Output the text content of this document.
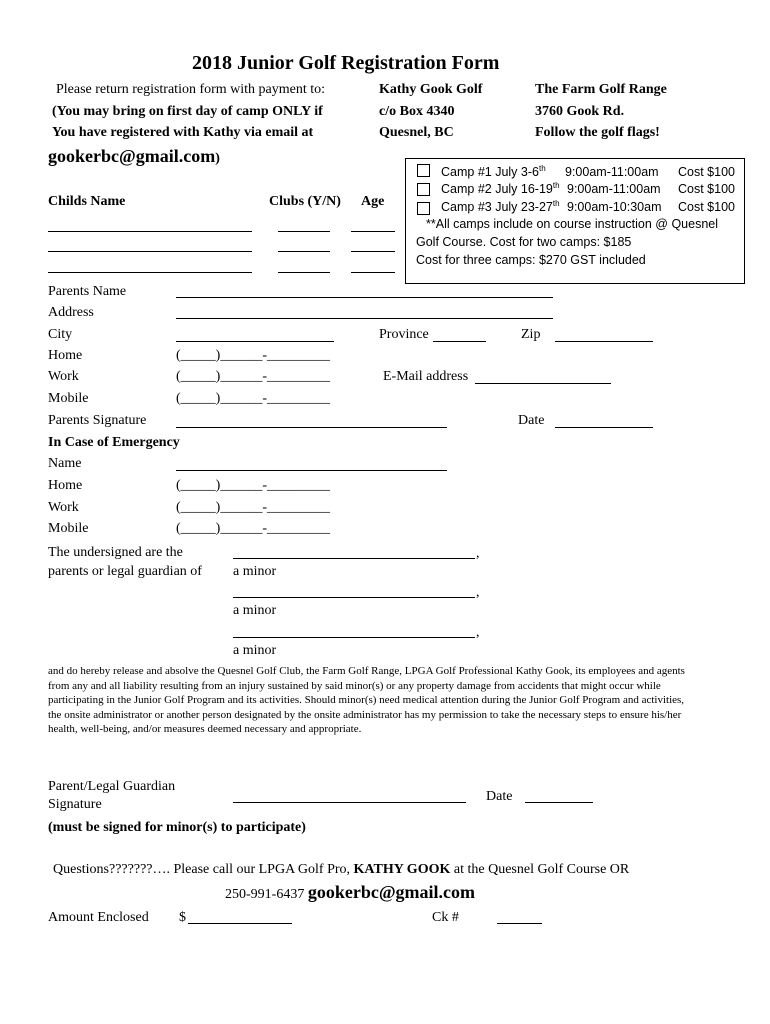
2018 Junior Golf Registration Form
Please return registration form with payment to:
(You may bring on first day of camp ONLY if
You have registered with Kathy via email at
gookerbc@gmail.com)
Kathy Gook Golf
c/o Box 4340
Quesnel, BC
The Farm Golf Range
3760 Gook Rd.
Follow the golf flags!
Camp #1 July 3-6th 9:00am-11:00am Cost $100
Camp #2 July 16-19th 9:00am-11:00am Cost $100
Camp #3 July 23-27th 9:00am-10:30am Cost $100
**All camps include on course instruction @ Quesnel
Golf Course. Cost for two camps: $185
Cost for three camps: $270 GST included
Childs Name	Clubs (Y/N) Age
Parents Name
Address
City	Province	Zip
Home	(_____)______-_________
Work	(_____)______-_________	E-Mail address
Mobile	(_____)______-_________
Parents Signature	Date
In Case of Emergency
Name
Home	(_____)______-_________
Work	(_____)______-_________
Mobile	(_____)______-_________
The undersigned are the
parents or legal guardian of
,
a minor
,
a minor
,
a minor
and do hereby release and absolve the Quesnel Golf Club, the Farm Golf Range, LPGA Golf Professional Kathy Gook, its employees and agents from any and all liability resulting from an injury sustained by said minor(s) or any property damage from accidents that might occur while participating in the Junior Golf Program and its activities. Should minor(s) need medical attention during the Junior Golf Program and activities, the onsite administrator or another person designated by the onsite administrator has my permission to take the necessary steps to ensure his/her health, well-being, and/or measures deemed necessary and appropriate.
Parent/Legal Guardian
Signature
Date
(must be signed for minor(s) to participate)
Questions???????…. Please call our LPGA Golf Pro, KATHY GOOK at the Quesnel Golf Course OR
250-991-6437 gookerbc@gmail.com
Amount Enclosed $	Ck #
